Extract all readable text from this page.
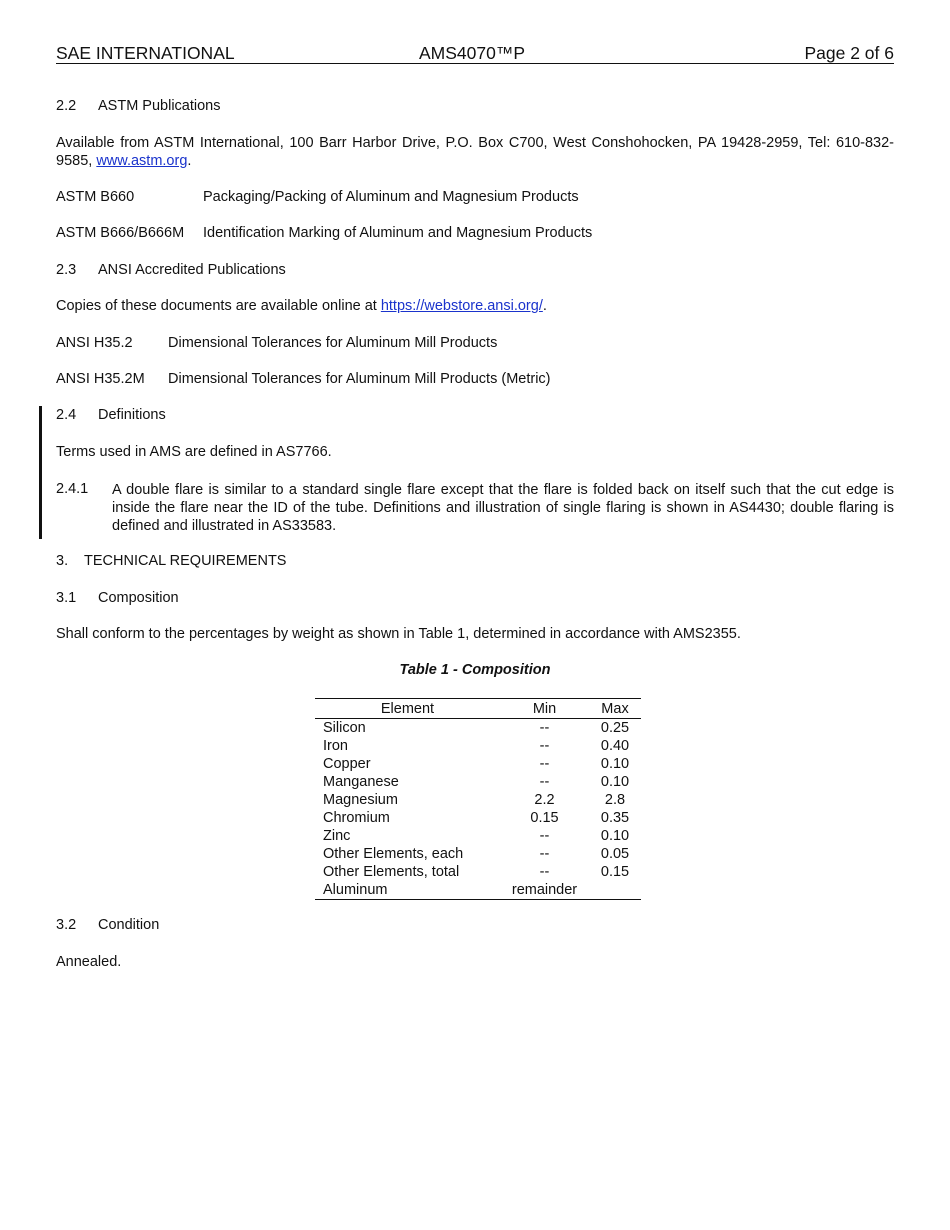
SAE INTERNATIONAL	AMS4070™P	Page 2 of 6
2.2 ASTM Publications
Available from ASTM International, 100 Barr Harbor Drive, P.O. Box C700, West Conshohocken, PA 19428-2959, Tel: 610-832-9585, www.astm.org.
ASTM B660	Packaging/Packing of Aluminum and Magnesium Products
ASTM B666/B666M Identification Marking of Aluminum and Magnesium Products
2.3 ANSI Accredited Publications
Copies of these documents are available online at https://webstore.ansi.org/.
ANSI H35.2 Dimensional Tolerances for Aluminum Mill Products
ANSI H35.2M Dimensional Tolerances for Aluminum Mill Products (Metric)
2.4 Definitions
Terms used in AMS are defined in AS7766.
2.4.1 A double flare is similar to a standard single flare except that the flare is folded back on itself such that the cut edge is inside the flare near the ID of the tube. Definitions and illustration of single flaring is shown in AS4430; double flaring is defined and illustrated in AS33583.
3. TECHNICAL REQUIREMENTS
3.1 Composition
Shall conform to the percentages by weight as shown in Table 1, determined in accordance with AMS2355.
Table 1 - Composition
Element	Min	Max
Silicon	--	0.25
Iron	--	0.40
Copper	--	0.10
Manganese	--	0.10
Magnesium	2.2	2.8
Chromium	0.15	0.35
Zinc	--	0.10
Other Elements, each	--	0.05
Other Elements, total	--	0.15
Aluminum	remainder	
3.2 Condition
Annealed.
